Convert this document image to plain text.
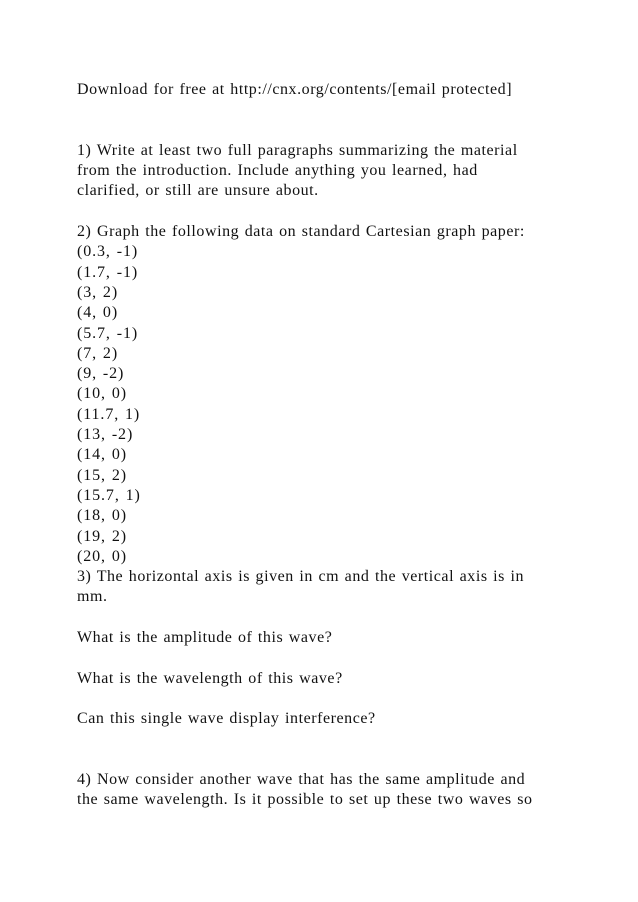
Download for free at http://cnx.org/contents/[email protected]
1) Write at least two full paragraphs summarizing the material
from the introduction. Include anything you learned, had
clarified, or still are unsure about.
2) Graph the following data on standard Cartesian graph paper:
(0.3, -1)
(1.7, -1)
(3, 2)
(4, 0)
(5.7, -1)
(7, 2)
(9, -2)
(10, 0)
(11.7, 1)
(13, -2)
(14, 0)
(15, 2)
(15.7, 1)
(18, 0)
(19, 2)
(20, 0)
3) The horizontal axis is given in cm and the vertical axis is in
mm.
What is the amplitude of this wave?
What is the wavelength of this wave?
Can this single wave display interference?
4) Now consider another wave that has the same amplitude and
the same wavelength. Is it possible to set up these two waves so
